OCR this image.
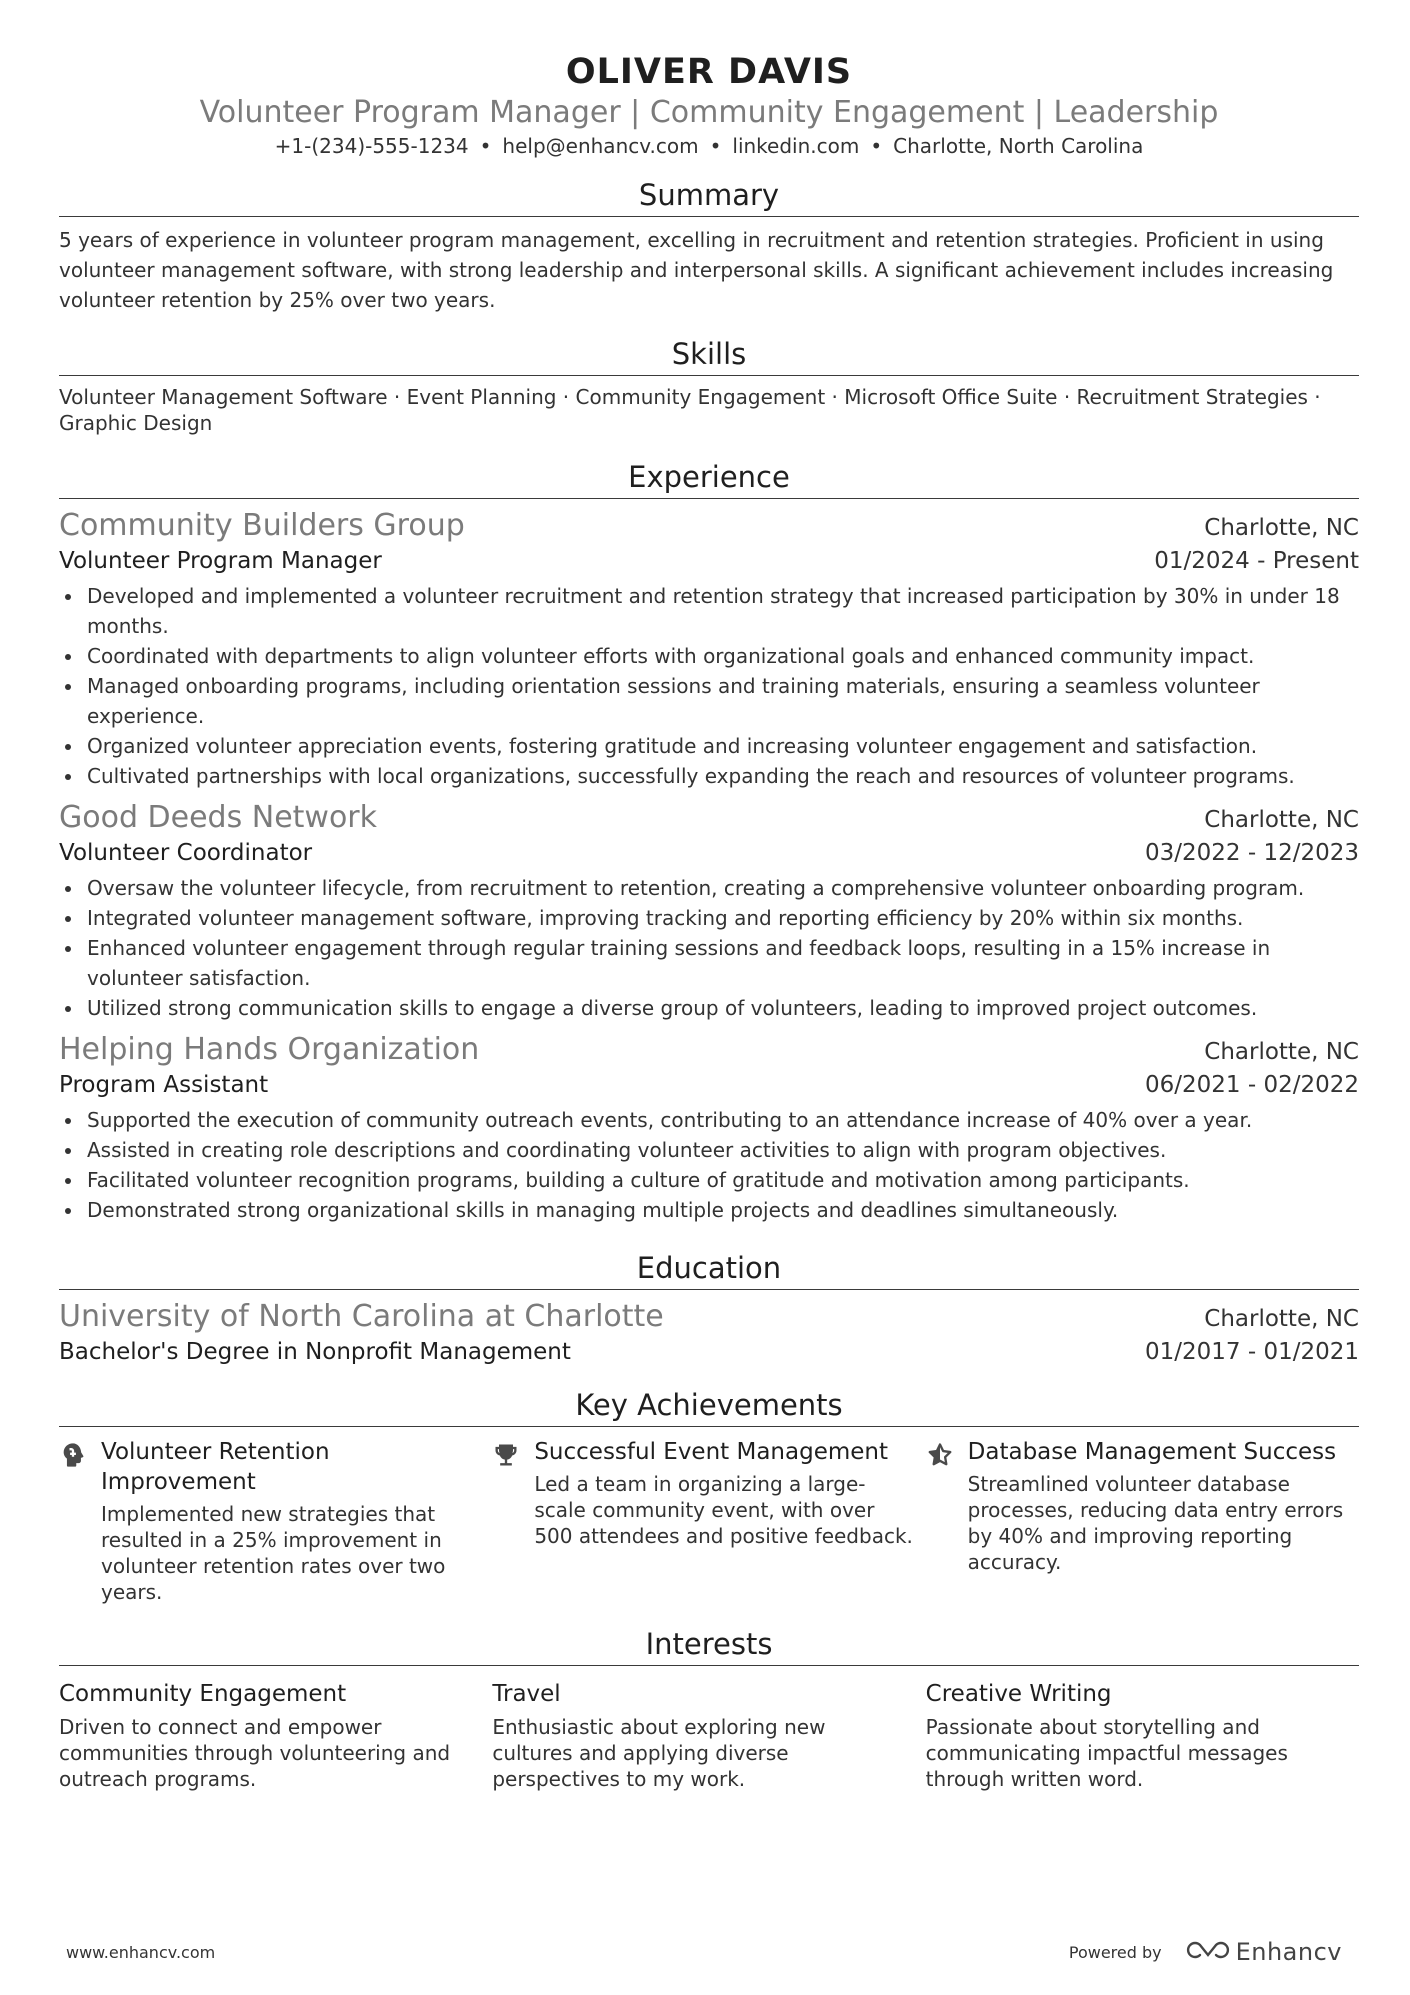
OLIVER DAVIS
Volunteer Program Manager | Community Engagement | Leadership
+1-(234)-555-1234 • help@enhancv.com • linkedin.com • Charlotte, North Carolina
Summary
5 years of experience in volunteer program management, excelling in recruitment and retention strategies. Proficient in using volunteer management software, with strong leadership and interpersonal skills. A significant achievement includes increasing volunteer retention by 25% over two years.
Skills
Volunteer Management Software · Event Planning · Community Engagement · Microsoft Office Suite · Recruitment Strategies · Graphic Design
Experience
Community Builders Group	Charlotte, NC
Volunteer Program Manager	01/2024 - Present
Developed and implemented a volunteer recruitment and retention strategy that increased participation by 30% in under 18 months.
Coordinated with departments to align volunteer efforts with organizational goals and enhanced community impact.
Managed onboarding programs, including orientation sessions and training materials, ensuring a seamless volunteer experience.
Organized volunteer appreciation events, fostering gratitude and increasing volunteer engagement and satisfaction.
Cultivated partnerships with local organizations, successfully expanding the reach and resources of volunteer programs.
Good Deeds Network	Charlotte, NC
Volunteer Coordinator	03/2022 - 12/2023
Oversaw the volunteer lifecycle, from recruitment to retention, creating a comprehensive volunteer onboarding program.
Integrated volunteer management software, improving tracking and reporting efficiency by 20% within six months.
Enhanced volunteer engagement through regular training sessions and feedback loops, resulting in a 15% increase in volunteer satisfaction.
Utilized strong communication skills to engage a diverse group of volunteers, leading to improved project outcomes.
Helping Hands Organization	Charlotte, NC
Program Assistant	06/2021 - 02/2022
Supported the execution of community outreach events, contributing to an attendance increase of 40% over a year.
Assisted in creating role descriptions and coordinating volunteer activities to align with program objectives.
Facilitated volunteer recognition programs, building a culture of gratitude and motivation among participants.
Demonstrated strong organizational skills in managing multiple projects and deadlines simultaneously.
Education
University of North Carolina at Charlotte	Charlotte, NC
Bachelor's Degree in Nonprofit Management	01/2017 - 01/2021
Key Achievements
Volunteer Retention Improvement
Implemented new strategies that resulted in a 25% improvement in volunteer retention rates over two years.
Successful Event Management
Led a team in organizing a large-scale community event, with over 500 attendees and positive feedback.
Database Management Success
Streamlined volunteer database processes, reducing data entry errors by 40% and improving reporting accuracy.
Interests
Community Engagement
Driven to connect and empower communities through volunteering and outreach programs.
Travel
Enthusiastic about exploring new cultures and applying diverse perspectives to my work.
Creative Writing
Passionate about storytelling and communicating impactful messages through written word.
www.enhancv.com	Powered by	Enhancv
